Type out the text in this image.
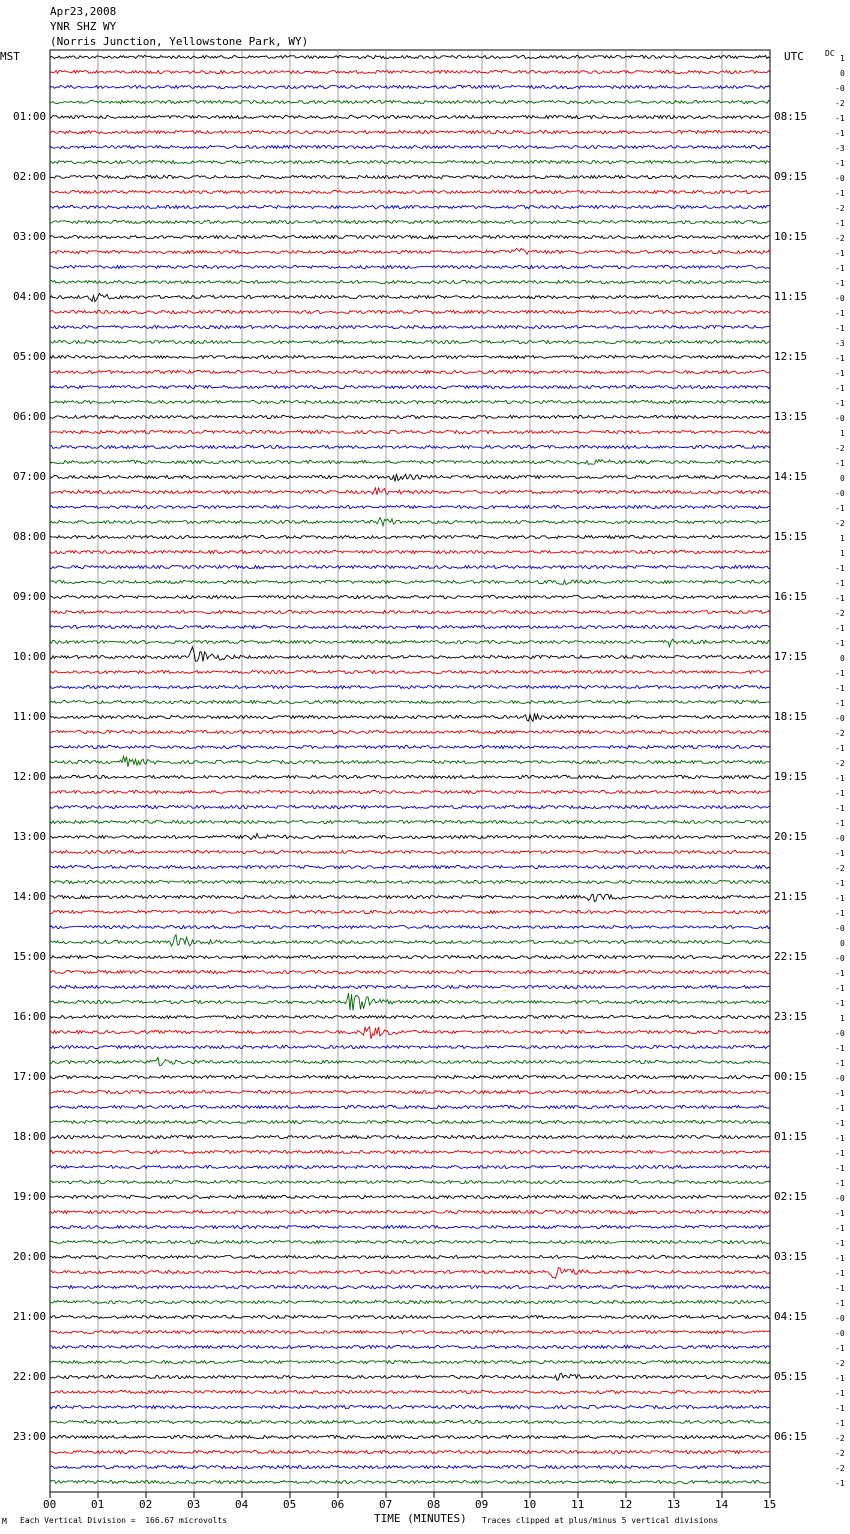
Apr23,2008
YNR SHZ WY
(Norris Junction, Yellowstone Park, WY)
MST	UTC	DC
01:00
02:00
03:00
04:00
05:00
06:00
07:00
08:00
09:00
10:00
11:00
12:00
13:00
14:00
15:00
16:00
17:00
18:00
19:00
20:00
21:00
22:00
23:00
08:15
09:15
10:15
11:15
12:15
13:15
14:15
15:15
16:15
17:15
18:15
19:15
20:15
21:15
22:15
23:15
00:15
01:15
02:15
03:15
04:15
05:15
06:15
1
0
-0
-2
-1
-1
-3
-1
-0
-1
-2
-1
-2
-1
-1
-1
-0
-1
-1
-3
-1
-1
-1
-1
-0
1
-2
-1
0
-0
-1
-2
1
1
-1
-1
-1
-2
-1
-1
0
-1
-1
-1
-0
-2
-1
-2
-1
-1
-1
-1
-0
-1
-2
-1
-1
-1
-0
0
-0
-1
-1
-1
1
-0
-1
-1
-0
-1
-1
-1
-1
-1
-1
-1
-0
-1
-1
-1
-1
-1
-1
-1
-0
-0
-1
-2
-1
-1
-1
-1
-2
-2
-2
-1
00	01	02	03	04	05	06	07	08	09	10	11	12	13	14	15
M Each Vertical Division =  166.67 microvolts	TIME (MINUTES) Traces clipped at plus/minus 5 vertical divisions
